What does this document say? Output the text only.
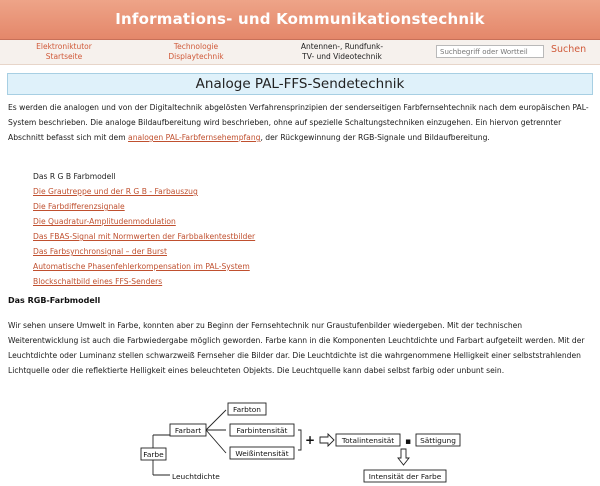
Informations- und Kommunikationstechnik
Elektroniktutor
Startseite
Technologie
Displaytechnik
Antennen-, Rundfunk-
TV- und Videotechnik
Suchbegriff oder Wortteil
Suchen
Analoge PAL-FFS-Sendetechnik

Es werden die analogen und von der Digitaltechnik abgelösten Verfahrensprinzipien der senderseitigen Farbfernsehtechnik nach dem europäischen PAL-System beschrieben. Die analoge Bildaufbereitung wird beschrieben, ohne auf spezielle Schaltungstechniken einzugehen. Ein hiervon getrennter Abschnitt befasst sich mit dem analogen PAL-Farbfernsehempfang, der Rückgewinnung der RGB-Signale und Bildaufbereitung.

Das R G B Farbmodell
Die Grautreppe und der R G B - Farbauszug
Die Farbdifferenzsignale
Die Quadratur-Amplitudenmodulation
Das FBAS-Signal mit Normwerten der Farbbalkentestbilder
Das Farbsynchronsignal – der Burst
Automatische Phasenfehlerkompensation im PAL-System
Blockschaltbild eines FFS-Senders
Das RGB-Farbmodell

Wir sehen unsere Umwelt in Farbe, konnten aber zu Beginn der Fernsehtechnik nur Graustufenbilder wiedergeben. Mit der technischen Weiterentwicklung ist auch die Farbwiedergabe möglich geworden. Farbe kann in die Komponenten Leuchtdichte und Farbart aufgeteilt werden. Mit der Leuchtdichte oder Luminanz stellen schwarzweiß Fernseher die Bilder dar. Die Leuchtdichte ist die wahrgenommene Helligkeit einer selbststrahlenden Lichtquelle oder die reflektierte Helligkeit eines beleuchteten Objekts. Die Leuchtquelle kann dabei selbst farbig oder unbunt sein.

Farbe
Farbart
Leuchtdichte
Farbton
Farbintensität
Weißintensität
+	Totalintensität ▪ Sättigung
Intensität der Farbe
